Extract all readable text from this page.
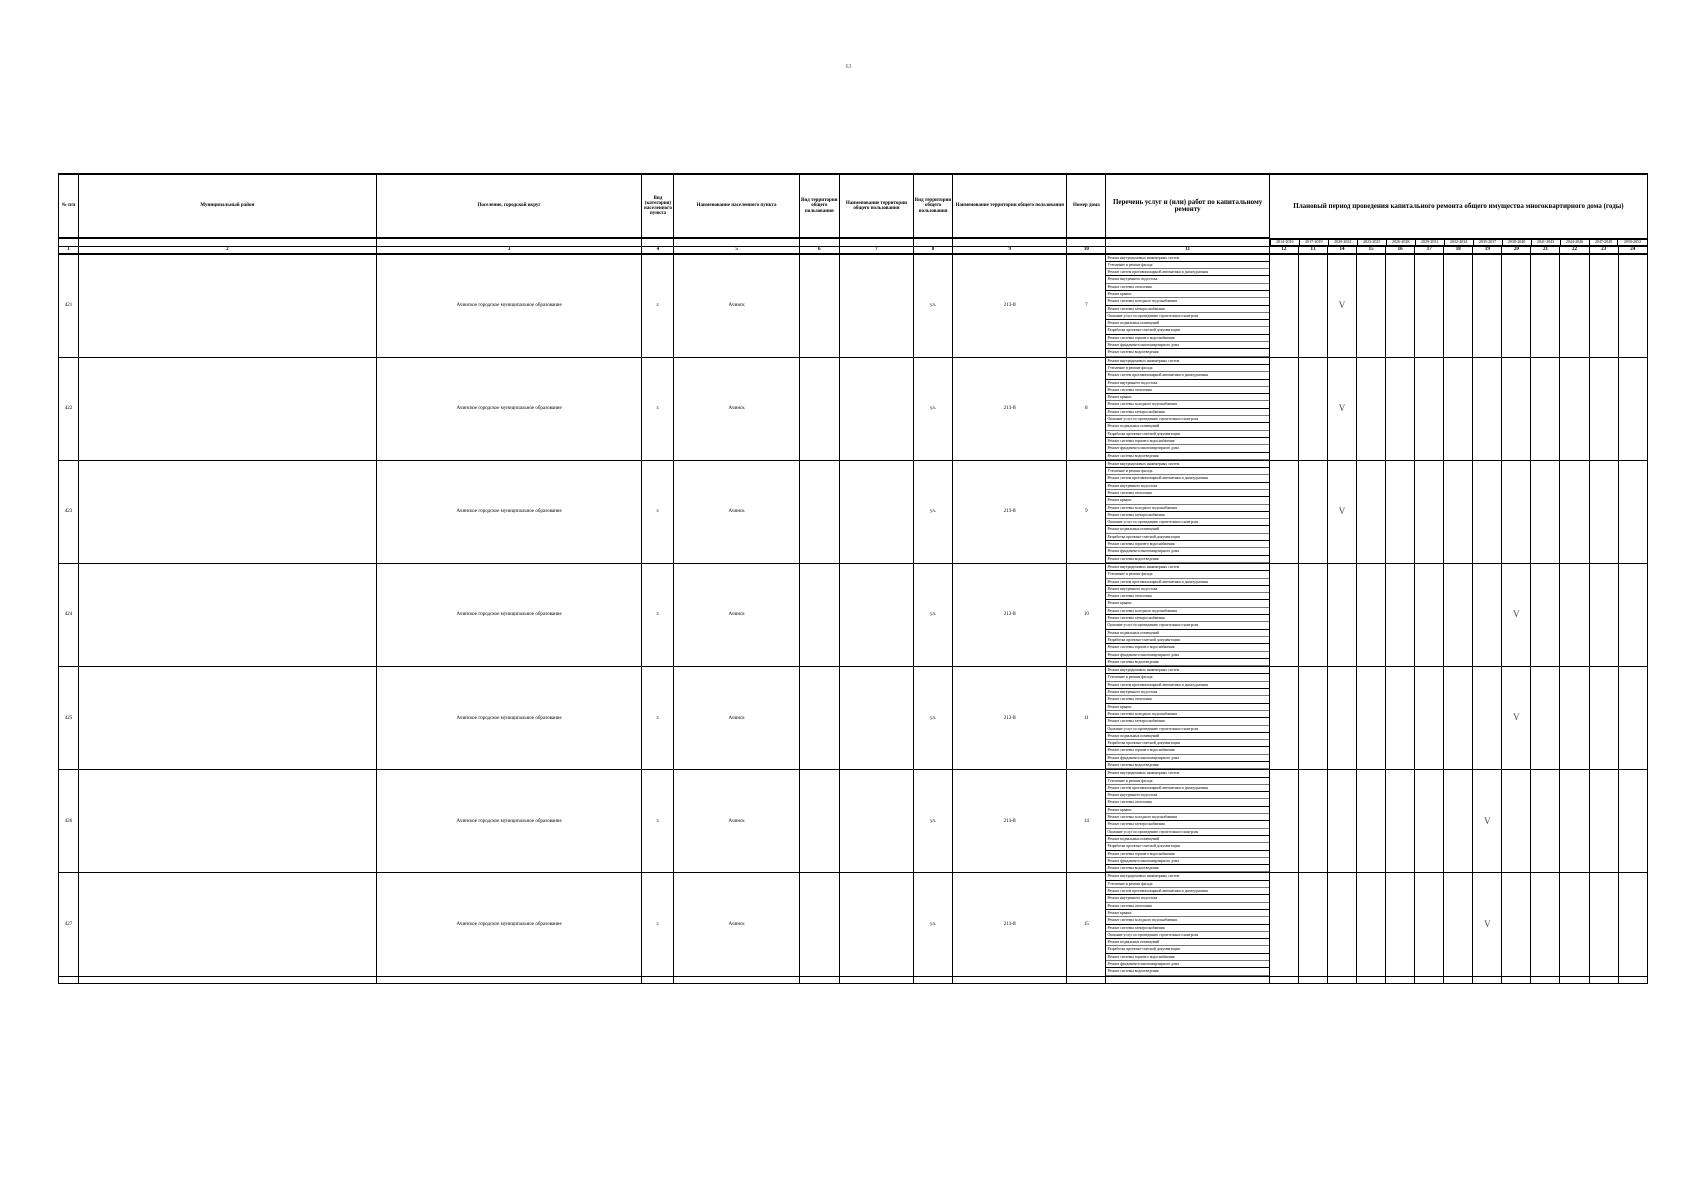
63
№ п/п	Муниципальный район	Поселение, городской округ	Вид (категория) населенного пункта	Наименование населенного пункта	Вид территории общего пользования	Наименование территории общего пользования	Вид территории общего пользования	Наименование территории общего пользования	Номер дома	Перечень услуг и (или) работ по капитальному ремонту	Плановый период проведения капитального ремонта общего имущества многоквартирного дома (годы)

2014-2016	2017-2019	2020-2022	2023-2025	2026-2028	2029-2031	2032-2034	2035-2037	2038-2040	2041-2043	2044-2046	2047-2049	2050-2052

1	2	3	4	5	6	7	8	9	10	11	12	13	14	15	16	17	18	19	20	21	22	23	24
421		Ачинское городское муниципальное образование	г.	Ачинск			ул.	213-й	7	
Ремонт внутридомовых инженерных систем
Утепление и ремонт фасада
Ремонт систем противопожарной автоматики и дымоудаления
Ремонт внутреннего водостока
Ремонт системы отопления
Ремонт крыши
Ремонт системы холодного водоснабжения
Ремонт системы электроснабжения
Оказание услуг по проведению строительного контроля
Ремонт подвальных помещений
Разработка проектно-сметной документации
Ремонт системы горячего водоснабжения
Ремонт фундамента многоквартирного дома
Ремонт системы водоотведения
			V										
422		Ачинское городское муниципальное образование	г.	Ачинск			ул.	213-й	8	
Ремонт внутридомовых инженерных систем
Утепление и ремонт фасада
Ремонт систем противопожарной автоматики и дымоудаления
Ремонт внутреннего водостока
Ремонт системы отопления
Ремонт крыши
Ремонт системы холодного водоснабжения
Ремонт системы электроснабжения
Оказание услуг по проведению строительного контроля
Ремонт подвальных помещений
Разработка проектно-сметной документации
Ремонт системы горячего водоснабжения
Ремонт фундамента многоквартирного дома
Ремонт системы водоотведения
			V										
423		Ачинское городское муниципальное образование	г.	Ачинск			ул.	213-й	9	
Ремонт внутридомовых инженерных систем
Утепление и ремонт фасада
Ремонт систем противопожарной автоматики и дымоудаления
Ремонт внутреннего водостока
Ремонт системы отопления
Ремонт крыши
Ремонт системы холодного водоснабжения
Ремонт системы электроснабжения
Оказание услуг по проведению строительного контроля
Ремонт подвальных помещений
Разработка проектно-сметной документации
Ремонт системы горячего водоснабжения
Ремонт фундамента многоквартирного дома
Ремонт системы водоотведения
			V										
424		Ачинское городское муниципальное образование	г.	Ачинск			ул.	213-й	10	
Ремонт внутридомовых инженерных систем
Утепление и ремонт фасада
Ремонт систем противопожарной автоматики и дымоудаления
Ремонт внутреннего водостока
Ремонт системы отопления
Ремонт крыши
Ремонт системы холодного водоснабжения
Ремонт системы электроснабжения
Оказание услуг по проведению строительного контроля
Ремонт подвальных помещений
Разработка проектно-сметной документации
Ремонт системы горячего водоснабжения
Ремонт фундамента многоквартирного дома
Ремонт системы водоотведения
									V				
425		Ачинское городское муниципальное образование	г.	Ачинск			ул.	213-й	11	
Ремонт внутридомовых инженерных систем
Утепление и ремонт фасада
Ремонт систем противопожарной автоматики и дымоудаления
Ремонт внутреннего водостока
Ремонт системы отопления
Ремонт крыши
Ремонт системы холодного водоснабжения
Ремонт системы электроснабжения
Оказание услуг по проведению строительного контроля
Ремонт подвальных помещений
Разработка проектно-сметной документации
Ремонт системы горячего водоснабжения
Ремонт фундамента многоквартирного дома
Ремонт системы водоотведения
									V				
426		Ачинское городское муниципальное образование	г.	Ачинск			ул.	213-й	14	
Ремонт внутридомовых инженерных систем
Утепление и ремонт фасада
Ремонт систем противопожарной автоматики и дымоудаления
Ремонт внутреннего водостока
Ремонт системы отопления
Ремонт крыши
Ремонт системы холодного водоснабжения
Ремонт системы электроснабжения
Оказание услуг по проведению строительного контроля
Ремонт подвальных помещений
Разработка проектно-сметной документации
Ремонт системы горячего водоснабжения
Ремонт фундамента многоквартирного дома
Ремонт системы водоотведения
								V					
427		Ачинское городское муниципальное образование	г.	Ачинск			ул.	213-й	15	
Ремонт внутридомовых инженерных систем
Утепление и ремонт фасада
Ремонт систем противопожарной автоматики и дымоудаления
Ремонт внутреннего водостока
Ремонт системы отопления
Ремонт крыши
Ремонт системы холодного водоснабжения
Ремонт системы электроснабжения
Оказание услуг по проведению строительного контроля
Ремонт подвальных помещений
Разработка проектно-сметной документации
Ремонт системы горячего водоснабжения
Ремонт фундамента многоквартирного дома
Ремонт системы водоотведения
								V					
